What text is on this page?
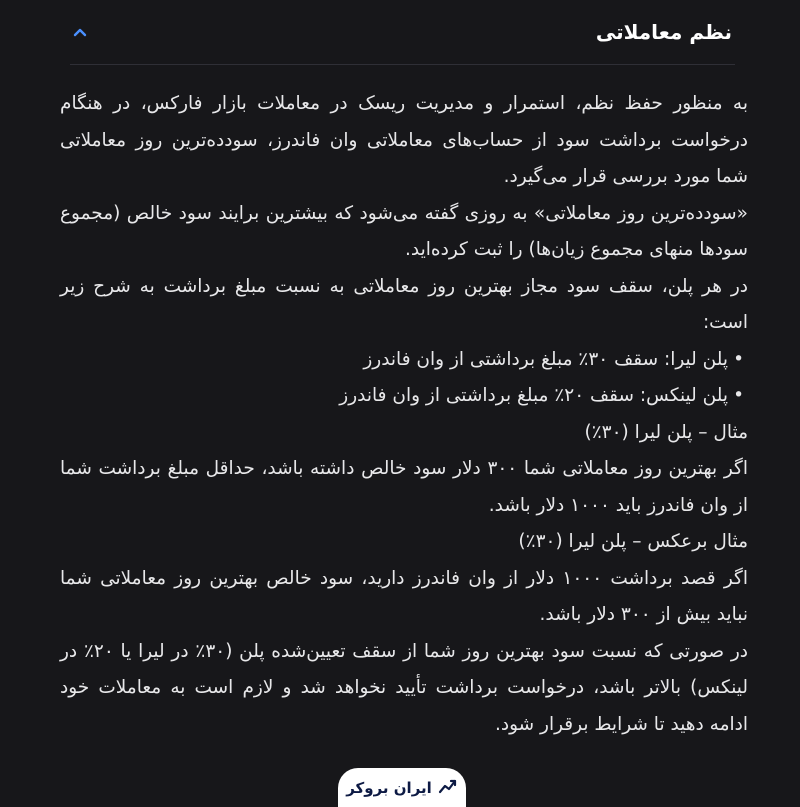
نظم معاملاتی

به منظور حفظ نظم، استمرار و مدیریت ریسک در معاملات بازار فارکس، در هنگام درخواست برداشت سود از حساب‌های معاملاتی وان فاندرز، سودده‌ترین روز معاملاتی شما مورد بررسی قرار می‌گیرد.

«سودده‌ترین روز معاملاتی» به روزی گفته می‌شود که بیشترین برایند سود خالص (مجموع سودها منهای مجموع زیان‌ها) را ثبت کرده‌اید.

در هر پلن، سقف سود مجاز بهترین روز معاملاتی به نسبت مبلغ برداشت به شرح زیر است:

• پلن لیرا: سقف ۳۰٪ مبلغ برداشتی از وان فاندرز
• پلن لینکس: سقف ۲۰٪ مبلغ برداشتی از وان فاندرز

مثال – پلن لیرا (۳۰٪)

اگر بهترین روز معاملاتی شما ۳۰۰ دلار سود خالص داشته باشد، حداقل مبلغ برداشت شما از وان فاندرز باید ۱۰۰۰ دلار باشد.

مثال برعکس – پلن لیرا (۳۰٪)

اگر قصد برداشت ۱۰۰۰ دلار از وان فاندرز دارید، سود خالص بهترین روز معاملاتی شما نباید بیش از ۳۰۰ دلار باشد.

در صورتی که نسبت سود بهترین روز شما از سقف تعیین‌شده پلن (۳۰٪ در لیرا یا ۲۰٪ در لینکس) بالاتر باشد، درخواست برداشت تأیید نخواهد شد و لازم است به معاملات خود ادامه دهید تا شرایط برقرار شود.

ایران بروکر
